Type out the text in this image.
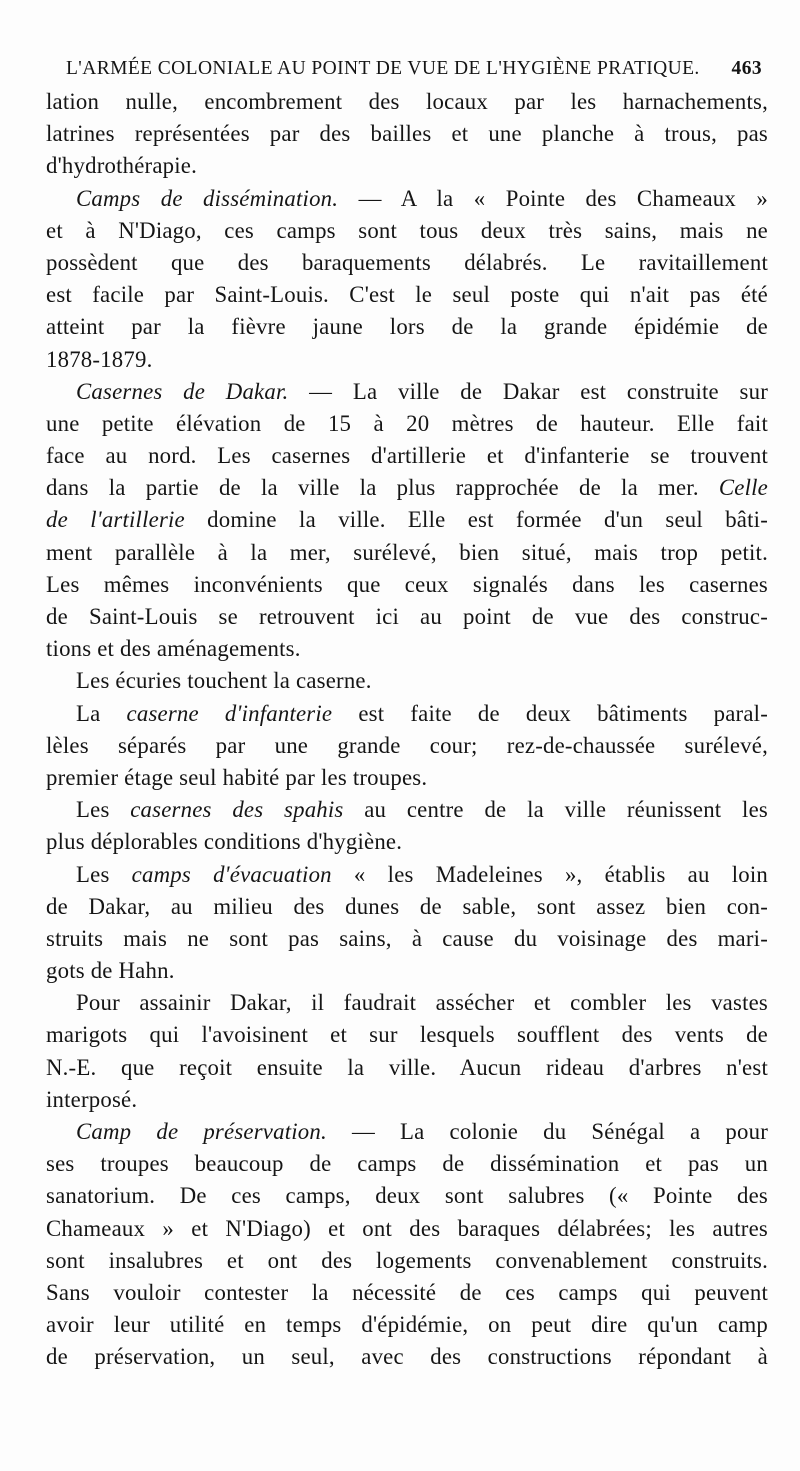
L'ARMÉE COLONIALE AU POINT DE VUE DE L'HYGIÈNE PRATIQUE. 463
lation nulle, encombrement des locaux par les harnachements,
latrines représentées par des bailles et une planche à trous, pas
d'hydrothérapie.
Camps de dissémination. — A la « Pointe des Chameaux »
et à N'Diago, ces camps sont tous deux très sains, mais ne
possèdent que des baraquements délabrés. Le ravitaillement
est facile par Saint-Louis. C'est le seul poste qui n'ait pas été
atteint par la fièvre jaune lors de la grande épidémie de
1878-1879.
Casernes de Dakar. — La ville de Dakar est construite sur
une petite élévation de 15 à 20 mètres de hauteur. Elle fait
face au nord. Les casernes d'artillerie et d'infanterie se trouvent
dans la partie de la ville la plus rapprochée de la mer. Celle
de l'artillerie domine la ville. Elle est formée d'un seul bâti-
ment parallèle à la mer, surélevé, bien situé, mais trop petit.
Les mêmes inconvénients que ceux signalés dans les casernes
de Saint-Louis se retrouvent ici au point de vue des construc-
tions et des aménagements.
Les écuries touchent la caserne.
La caserne d'infanterie est faite de deux bâtiments paral-
lèles séparés par une grande cour; rez-de-chaussée surélevé,
premier étage seul habité par les troupes.
Les casernes des spahis au centre de la ville réunissent les
plus déplorables conditions d'hygiène.
Les camps d'évacuation « les Madeleines », établis au loin
de Dakar, au milieu des dunes de sable, sont assez bien con-
struits mais ne sont pas sains, à cause du voisinage des mari-
gots de Hahn.
Pour assainir Dakar, il faudrait assécher et combler les vastes
marigots qui l'avoisinent et sur lesquels soufflent des vents de
N.-E. que reçoit ensuite la ville. Aucun rideau d'arbres n'est
interposé.
Camp de préservation. — La colonie du Sénégal a pour
ses troupes beaucoup de camps de dissémination et pas un
sanatorium. De ces camps, deux sont salubres (« Pointe des
Chameaux » et N'Diago) et ont des baraques délabrées; les autres
sont insalubres et ont des logements convenablement construits.
Sans vouloir contester la nécessité de ces camps qui peuvent
avoir leur utilité en temps d'épidémie, on peut dire qu'un camp
de préservation, un seul, avec des constructions répondant à
